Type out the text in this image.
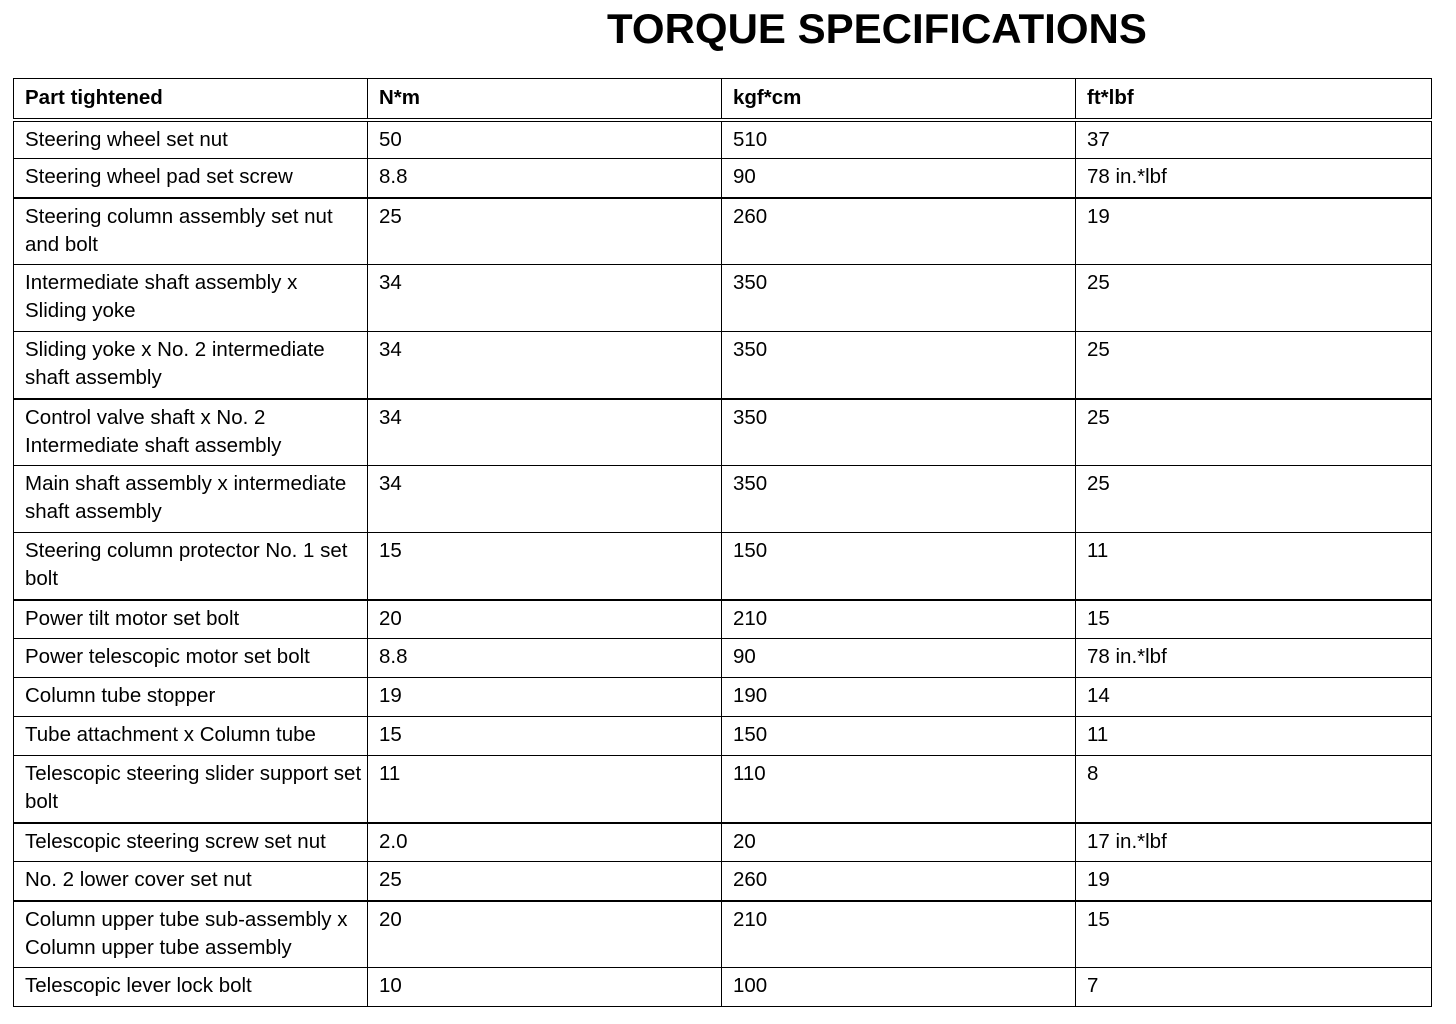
TORQUE SPECIFICATIONS
Part tightened	N*m	kgf*cm	ft*lbf
Steering wheel set nut	50	510	37
Steering wheel pad set screw	8.8	90	78 in.*lbf
Steering column assembly set nut and bolt	25	260	19
Intermediate shaft assembly x Sliding yoke	34	350	25
Sliding yoke x No. 2 intermediate shaft assembly	34	350	25
Control valve shaft x No. 2 Intermediate shaft assembly	34	350	25
Main shaft assembly x intermediate shaft assembly	34	350	25
Steering column protector No. 1 set bolt	15	150	11
Power tilt motor set bolt	20	210	15
Power telescopic motor set bolt	8.8	90	78 in.*lbf
Column tube stopper	19	190	14
Tube attachment x Column tube	15	150	11
Telescopic steering slider support set bolt	11	110	8
Telescopic steering screw set nut	2.0	20	17 in.*lbf
No. 2 lower cover set nut	25	260	19
Column upper tube sub-assembly x Column upper tube assembly	20	210	15
Telescopic lever lock bolt	10	100	7
